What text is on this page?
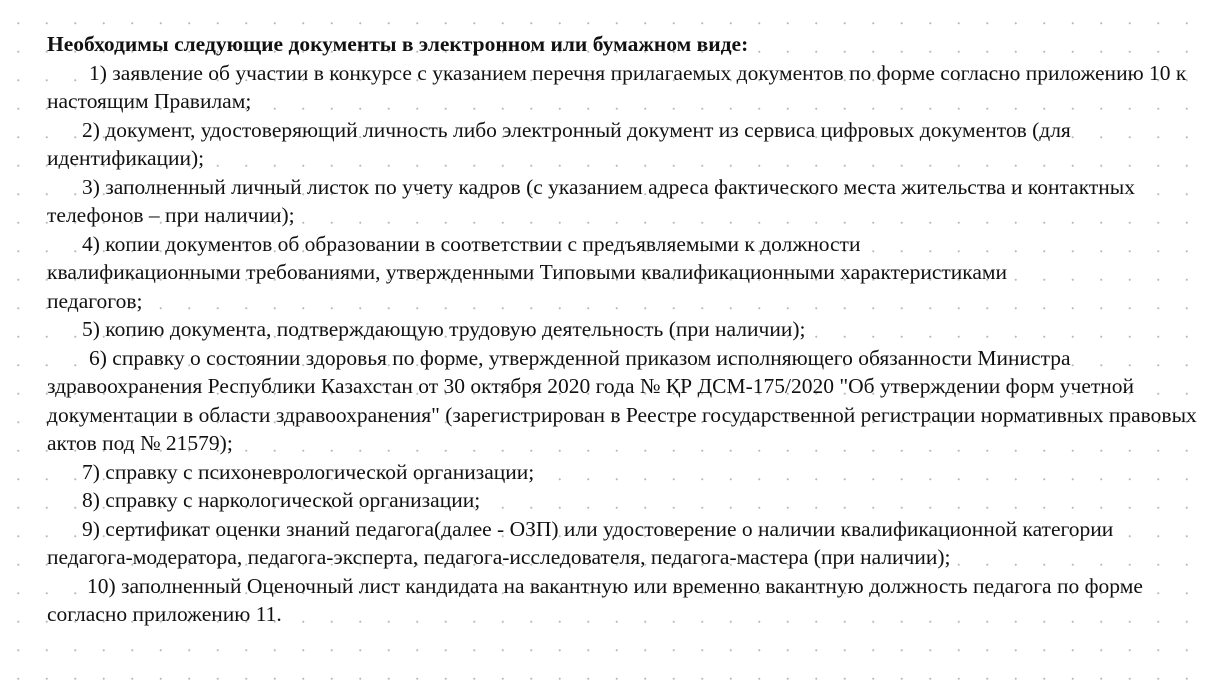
Необходимы следующие документы в электронном или бумажном виде:

1) заявление об участии в конкурсе с указанием перечня прилагаемых документов по форме согласно приложению 10 к настоящим Правилам;

2) документ, удостоверяющий личность либо электронный документ из сервиса цифровых документов (для идентификации);

3) заполненный личный листок по учету кадров (с указанием адреса фактического места жительства и контактных телефонов – при наличии);

4) копии документов об образовании в соответствии с предъявляемыми к должности квалификационными требованиями, утвержденными Типовыми квалификационными характеристиками педагогов;

5) копию документа, подтверждающую трудовую деятельность (при наличии);

6) справку о состоянии здоровья по форме, утвержденной приказом исполняющего обязанности Министра здравоохранения Республики Казахстан от 30 октября 2020 года № ҚР ДСМ-175/2020 "Об утверждении форм учетной документации в области здравоохранения" (зарегистрирован в Реестре государственной регистрации нормативных правовых актов под № 21579);

7) справку с психоневрологической организации;

8) справку с наркологической организации;

9) сертификат оценки знаний педагога(далее - ОЗП) или удостоверение о наличии квалификационной категории педагога-модератора, педагога-эксперта, педагога-исследователя, педагога-мастера (при наличии);

10) заполненный Оценочный лист кандидата на вакантную или временно вакантную должность педагога по форме согласно приложению 11.
